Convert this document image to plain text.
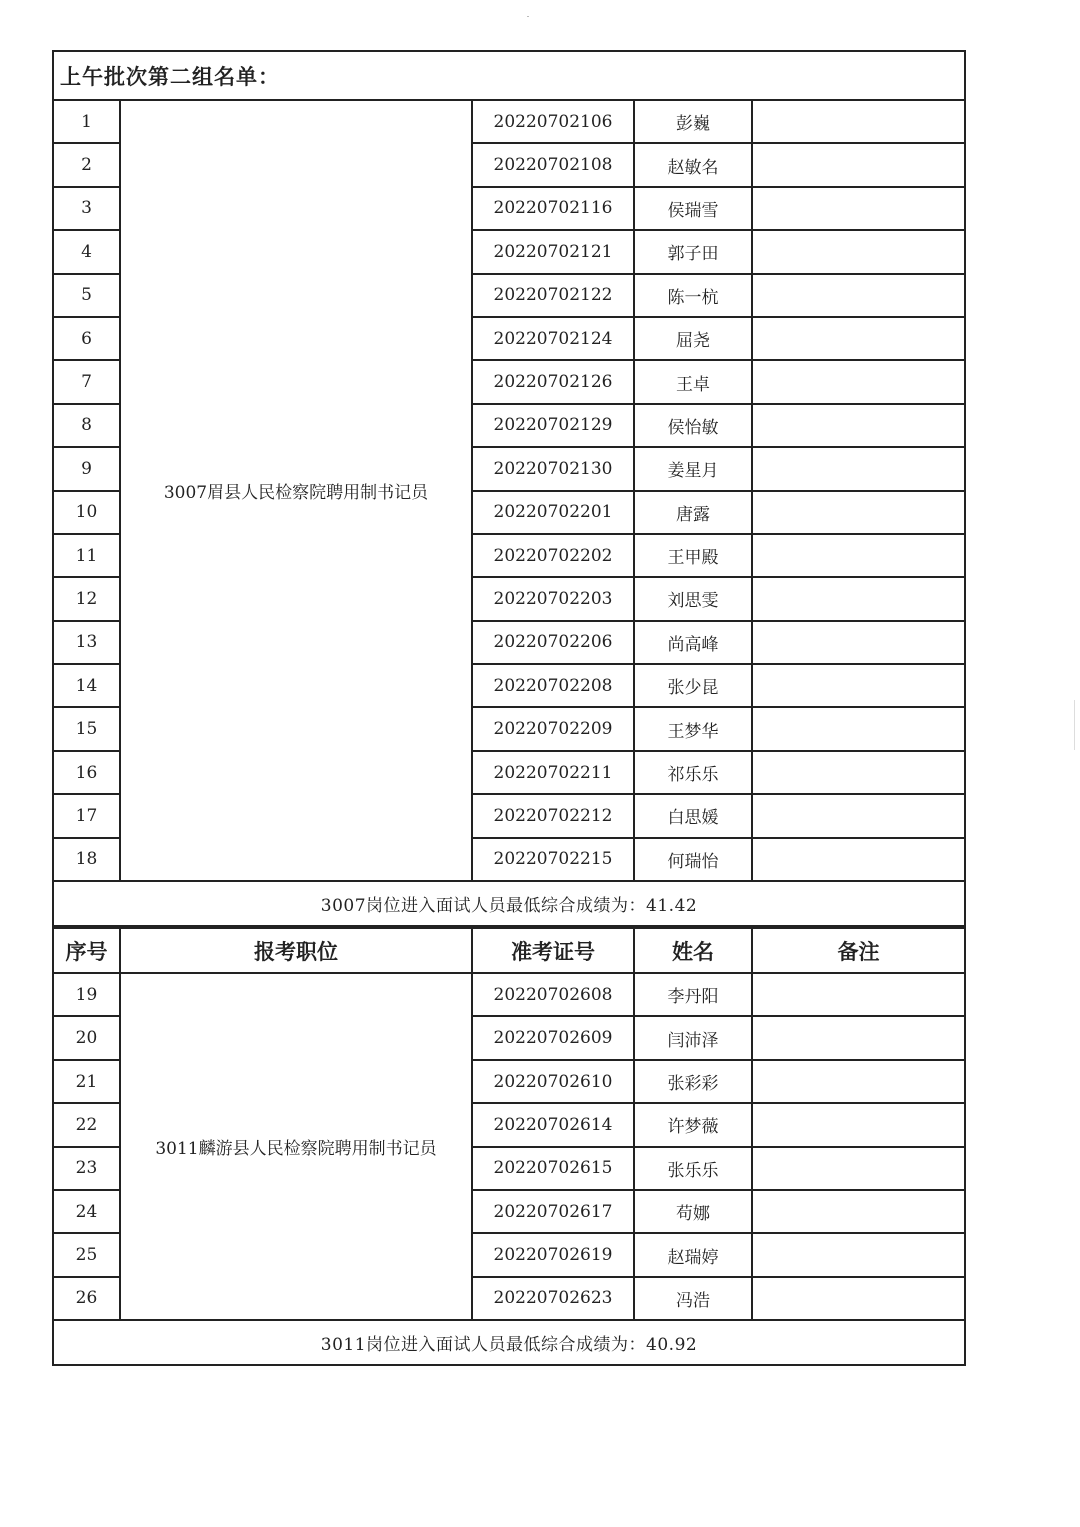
上午批次第二组名单：
1	3007眉县人民检察院聘用制书记员	20220702106	彭巍	
2		20220702108	赵敏名	
3		20220702116	侯瑞雪	
4		20220702121	郭子田	
5		20220702122	陈一杭	
6		20220702124	屈尧	
7		20220702126	王卓	
8		20220702129	侯怡敏	
9		20220702130	姜星月	
10		20220702201	唐露	
11		20220702202	王甲殿	
12		20220702203	刘思雯	
13		20220702206	尚高峰	
14		20220702208	张少昆	
15		20220702209	王梦华	
16		20220702211	祁乐乐	
17		20220702212	白思媛	
18		20220702215	何瑞怡	
3007岗位进入面试人员最低综合成绩为：41.42				
序号	报考职位	准考证号	姓名	备注
19	3011麟游县人民检察院聘用制书记员	20220702608	李丹阳	
20		20220702609	闫沛泽	
21		20220702610	张彩彩	
22		20220702614	许梦薇	
23		20220702615	张乐乐	
24		20220702617	苟娜	
25		20220702619	赵瑞婷	
26		20220702623	冯浩	
3011岗位进入面试人员最低综合成绩为：40.92				
